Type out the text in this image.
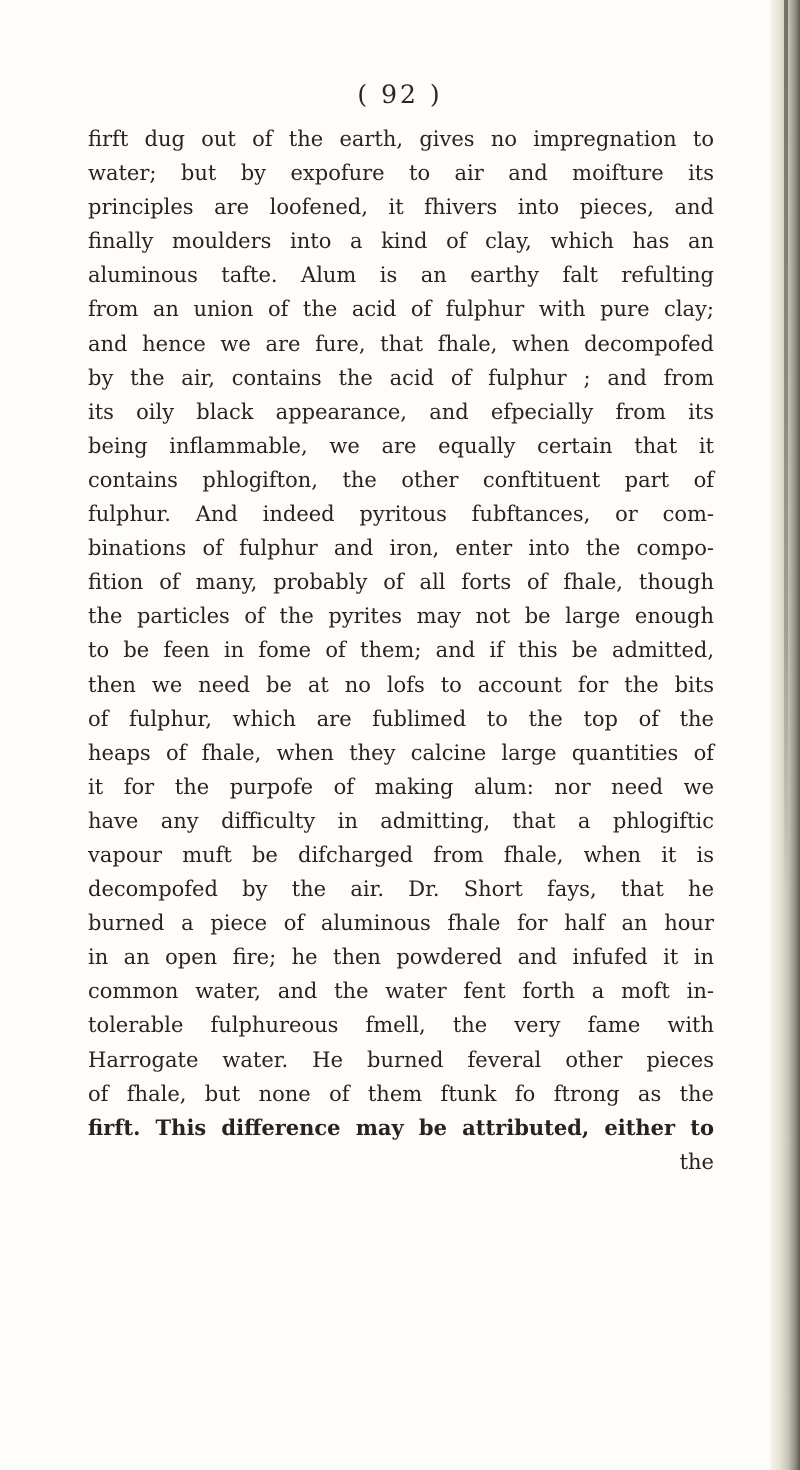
( 92 )
firft dug out of the earth, gives no impregnation to
water; but by expofure to air and moifture its
principles are loofened, it fhivers into pieces, and
finally moulders into a kind of clay, which has an
aluminous tafte. Alum is an earthy falt refulting
from an union of the acid of fulphur with pure clay;
and hence we are fure, that fhale, when decompofed
by the air, contains the acid of fulphur ; and from
its oily black appearance, and efpecially from its
being inflammable, we are equally certain that it
contains phlogifton, the other conftituent part of
fulphur. And indeed pyritous fubftances, or com-
binations of fulphur and iron, enter into the compo-
fition of many, probably of all forts of fhale, though
the particles of the pyrites may not be large enough
to be feen in fome of them; and if this be admitted,
then we need be at no lofs to account for the bits
of fulphur, which are fublimed to the top of the
heaps of fhale, when they calcine large quantities of
it for the purpofe of making alum: nor need we
have any difficulty in admitting, that a phlogiftic
vapour muft be difcharged from fhale, when it is
decompofed by the air. Dr. Short fays, that he
burned a piece of aluminous fhale for half an hour
in an open fire; he then powdered and infufed it in
common water, and the water fent forth a moft in-
tolerable fulphureous fmell, the very fame with
Harrogate water. He burned feveral other pieces
of fhale, but none of them ftunk fo ftrong as the
firft. This difference may be attributed, either to
the
